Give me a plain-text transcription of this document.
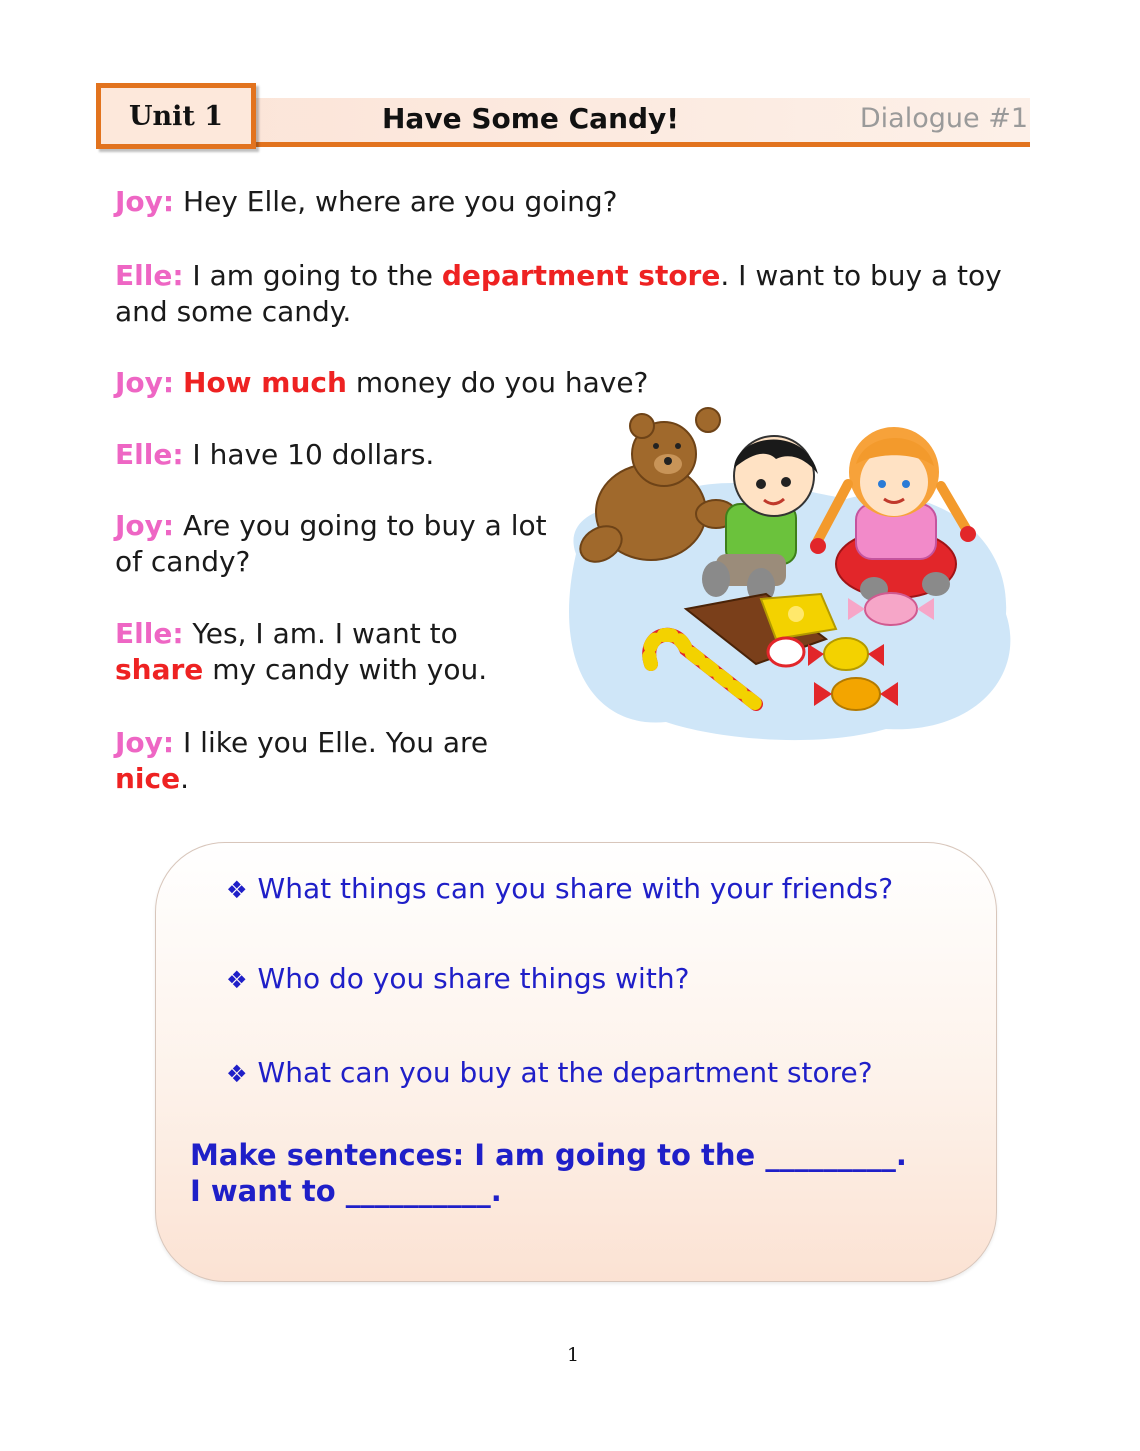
Unit 1	Have Some Candy!	Dialogue #1

Joy: Hey Elle, where are you going?

Elle: I am going to the department store. I want to buy a toy and some candy.

Joy: How much money do you have?

Elle: I have 10 dollars.

Joy: Are you going to buy a lot of candy?

Elle: Yes, I am. I want to share my candy with you.

Joy: I like you Elle. You are nice.

❖ What things can you share with your friends?

❖ Who do you share things with?

❖ What can you buy at the department store?

Make sentences: I am going to the _________.

I want to __________.

1
